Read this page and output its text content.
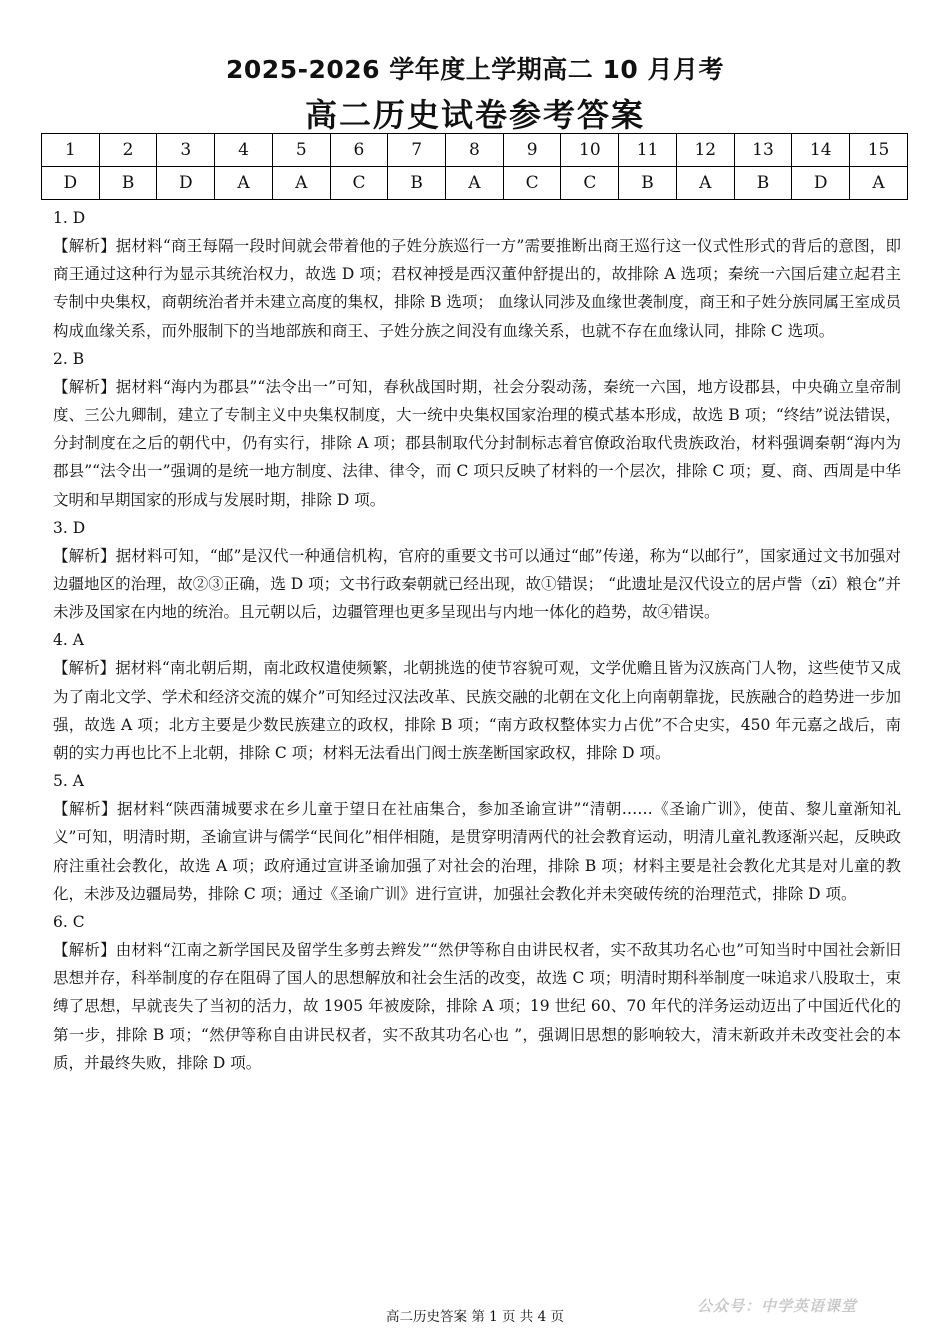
2025-2026 学年度上学期高二 10 月月考
高二历史试卷参考答案
1	2	3	4	5	6	7	8	9	10	11	12	13	14	15
D	B	D	A	A	C	B	A	C	C	B	A	B	D	A
1. D
【解析】据材料“商王每隔一段时间就会带着他的子姓分族巡行一方”需要推断出商王巡行这一仪式性形式的背后的意图，即商王通过这种行为显示其统治权力，故选 D 项；君权神授是西汉董仲舒提出的，故排除 A 选项；秦统一六国后建立起君主专制中央集权，商朝统治者并未建立高度的集权，排除 B 选项； 血缘认同涉及血缘世袭制度，商王和子姓分族同属王室成员构成血缘关系，而外服制下的当地部族和商王、子姓分族之间没有血缘关系，也就不存在血缘认同，排除 C 选项。
2. B
【解析】据材料“海内为郡县”“法令出一”可知，春秋战国时期，社会分裂动荡，秦统一六国，地方设郡县，中央确立皇帝制度、三公九卿制，建立了专制主义中央集权制度，大一统中央集权国家治理的模式基本形成，故选 B 项；“终结”说法错误，分封制度在之后的朝代中，仍有实行，排除 A 项；郡县制取代分封制标志着官僚政治取代贵族政治，材料强调秦朝“海内为郡县”“法令出一”强调的是统一地方制度、法律、律令，而 C 项只反映了材料的一个层次，排除 C 项；夏、商、西周是中华文明和早期国家的形成与发展时期，排除 D 项。
3. D
【解析】据材料可知，“邮”是汉代一种通信机构，官府的重要文书可以通过“邮”传递，称为“以邮行”，国家通过文书加强对边疆地区的治理，故②③正确，选 D 项；文书行政秦朝就已经出现，故①错误； “此遗址是汉代设立的居卢訾（zī）粮仓”并未涉及国家在内地的统治。且元朝以后，边疆管理也更多呈现出与内地一体化的趋势，故④错误。
4. A
【解析】据材料“南北朝后期，南北政权遣使频繁，北朝挑选的使节容貌可观，文学优赡且皆为汉族高门人物，这些使节又成为了南北文学、学术和经济交流的媒介”可知经过汉法改革、民族交融的北朝在文化上向南朝靠拢，民族融合的趋势进一步加强，故选 A 项；北方主要是少数民族建立的政权，排除 B 项；“南方政权整体实力占优”不合史实，450 年元嘉之战后，南朝的实力再也比不上北朝，排除 C 项；材料无法看出门阀士族垄断国家政权，排除 D 项。
5. A
【解析】据材料“陕西蒲城要求在乡儿童于望日在社庙集合，参加圣谕宣讲”“清朝……《圣谕广训》，使苗、黎儿童渐知礼义”可知，明清时期，圣谕宣讲与儒学“民间化”相伴相随，是贯穿明清两代的社会教育运动，明清儿童礼教逐渐兴起，反映政府注重社会教化，故选 A 项；政府通过宣讲圣谕加强了对社会的治理，排除 B 项；材料主要是社会教化尤其是对儿童的教化，未涉及边疆局势，排除 C 项；通过《圣谕广训》进行宣讲，加强社会教化并未突破传统的治理范式，排除 D 项。
6. C
【解析】由材料“江南之新学国民及留学生多剪去辫发”“然伊等称自由讲民权者，实不敌其功名心也”可知当时中国社会新旧思想并存，科举制度的存在阻碍了国人的思想解放和社会生活的改变，故选 C 项；明清时期科举制度一味追求八股取士，束缚了思想，早就丧失了当初的活力，故 1905 年被废除，排除 A 项；19 世纪 60、70 年代的洋务运动迈出了中国近代化的第一步，排除 B 项；“然伊等称自由讲民权者，实不敌其功名心也 ”，强调旧思想的影响较大，清末新政并未改变社会的本质，并最终失败，排除 D 项。
高二历史答案 第 1 页 共 4 页
公众号：中学英语课堂
